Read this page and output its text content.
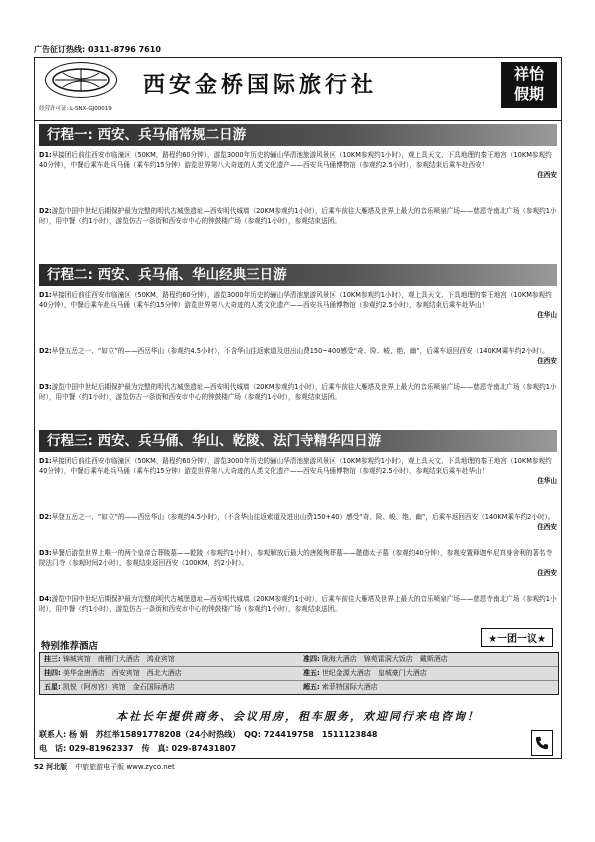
广告征订热线: 0311-8796 7610
西安金桥国际旅行社	祥怡
假期
经营许可证: L-SNX-GJ00019
行程一: 西安、兵马俑常规二日游
D1:早接团后前往西安市临潼区（50KM，路程约60分钟），游览3000年历史的骊山华清池旅游风景区（10KM参观约1小时），观上具天文、下具地理的秦王地宫（10KM参观约40分钟），中餐后乘车赴兵马俑（乘车约15分钟）游览世界第八大奇迹的人类文化遗产——西安兵马俑博物馆（参观约2.5小时），参观结束后乘车赴西安！
住西安
D2:游览中国中世纪后期保护最为完整的明代古城堡遗址—西安明代城墙（20KM参观约1小时），后乘车前往大雁塔及世界上最大的音乐喷泉广场——慈恩寺南北广场（参观约1小时），用中餐（约1小时），游览仿古一条街和西安市中心的钟鼓楼广场（参观约1小时），参观结束送团。
行程二: 西安、兵马俑、华山经典三日游
D1:早接团后前往西安市临潼区（50KM，路程约60分钟），游览3000年历史的骊山华清池旅游风景区（10KM参观约1小时），观上具天文、下具地理的秦王地宫（10KM参观约40分钟），中餐后乘车赴兵马俑（乘车约15分钟）游览世界第八大奇迹的人类文化遗产——西安兵马俑博物馆（参观约2.5小时），参观结束后乘车赴华山！
住华山
D2:早登五岳之一、“如立”的——西岳华山（参观约4.5小时），不含华山往返索道及进出山费150~400感受“奇、险、峻、绝、幽”，后乘车返回西安（140KM乘车约2小时）。
住西安
D3:游览中国中世纪后期保护最为完整的明代古城堡遗址—西安明代城墙（20KM参观约1小时），后乘车前往大雁塔及世界上最大的音乐喷泉广场——慈恩寺南北广场（参观约1小时），用中餐（约1小时），游览仿古一条街和西安市中心的钟鼓楼广场（参观约1小时），参观结束送团。
行程三: 西安、兵马俑、华山、乾陵、法门寺精华四日游
D1:早接团后前往西安市临潼区（50KM，路程约60分钟），游览3000年历史的骊山华清池旅游风景区（10KM参观约1小时），观上具天文、下具地理的秦王地宫（10KM参观约40分钟），中餐后乘车赴兵马俑（乘车约15分钟）游览世界第八大奇迹的人类文化遗产——西安兵马俑博物馆（参观约2.5小时），参观结束后乘车赴华山！
住华山
D2:早登五岳之一、“如立”的——西岳华山（参观约4.5小时），（不含华山往返索道及进出山费150+40）感受“奇、险、峻、绝、幽”，后乘车返回西安（140KM乘车约2小时）。
住西安
D3:早餐后游览世界上唯一的两个皇帝合葬陵墓——乾陵（参观约1小时），参观解放后最大的唐陵殉葬墓——懿德太子墓（参观约40分钟），参观安置释迦牟尼真身舍利的著名寺院法门寺（参观时间2小时），参观结束返回西安（100KM，约2小时）。
住西安
D4:游览中国中世纪后期保护最为完整的明代古城堡遗址—西安明代城墙（20KM参观约1小时），后乘车前往大雁塔及世界上最大的音乐喷泉广场——慈恩寺南北广场（参观约1小时），用中餐（约1小时），游览仿古一条街和西安市中心的钟鼓楼广场（参观约1小时），参观结束送团。
特别推荐酒店
★一团一议★
挂三: 锦城宾馆　南稍门大酒店　鸿业宾馆	准四: 陇海大酒店　锦苑雷洞大饭店　戴斯酒店
挂四: 美华金唐酒店　西安宾馆　西北大酒店	准五: 世纪金源大酒店　皇城豪门大酒店
五星: 凯悦（阿房宫）宾馆　金石国际酒店	超五: 索菲特国际大酒店
本社长年提供商务、会议用房，租车服务，欢迎同行来电咨询！
联系人: 杨 娟　苏红举15891778208（24小时热线）　QQ: 724419758　1511123848
电　话: 029-81962337　传　真: 029-87431807
52 河北版 中旅旅游电子版 www.zyco.net
